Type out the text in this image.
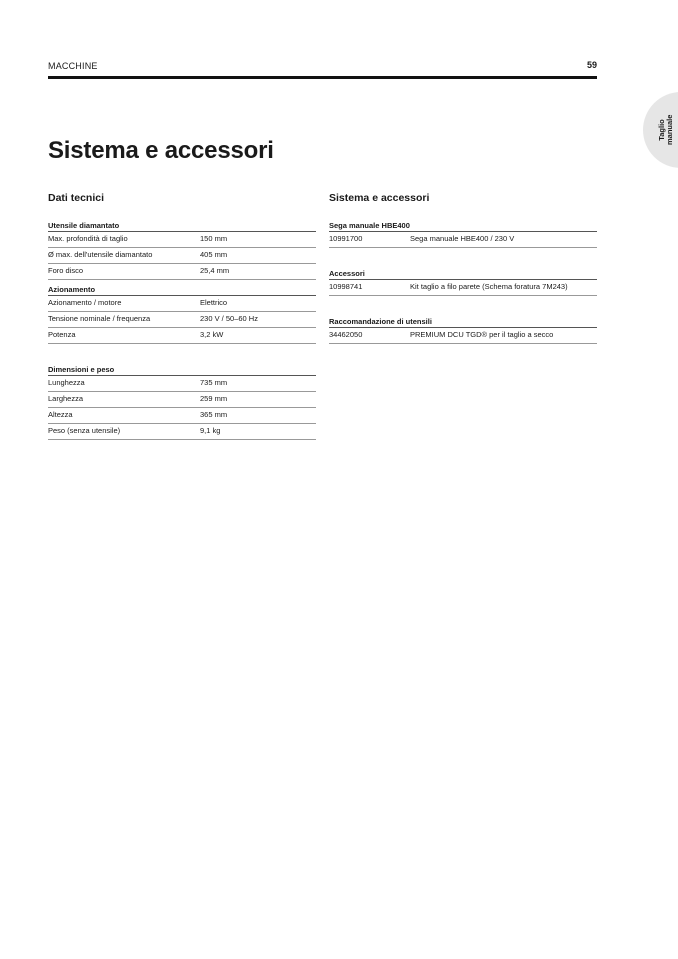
MACCHINE	59
Taglio manuale
Sistema e accessori
Dati tecnici
Utensile diamantato
Max. profondità di taglio	150 mm
Ø max. dell'utensile diamantato	405 mm
Foro disco	25,4 mm
Azionamento
Azionamento / motore	Elettrico
Tensione nominale / frequenza	230 V / 50–60 Hz
Potenza	3,2 kW
Dimensioni e peso
Lunghezza	735 mm
Larghezza	259 mm
Altezza	365 mm
Peso (senza utensile)	9,1 kg
Sistema e accessori
Sega manuale HBE400
10991700	Sega manuale HBE400 / 230 V
Accessori
10998741	Kit taglio a filo parete (Schema foratura 7M243)
Raccomandazione di utensili
34462050	PREMIUM DCU TGD® per il taglio a secco
